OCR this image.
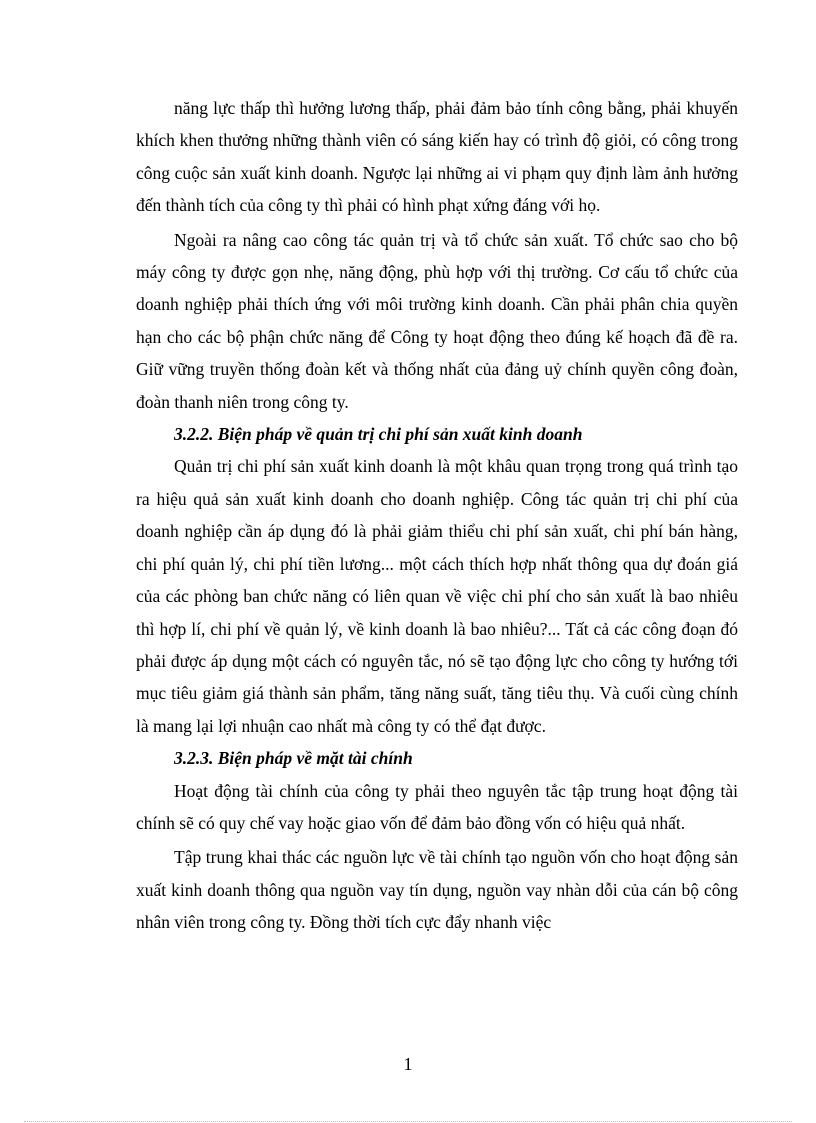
năng lực thấp thì hưởng lương thấp, phải đảm bảo tính công bằng, phải khuyến khích khen thưởng những thành viên có sáng kiến hay có trình độ giỏi, có công trong công cuộc sản xuất kinh doanh. Ngược lại những ai vi phạm quy định làm ảnh hưởng đến thành tích của công ty thì phải có hình phạt xứng đáng với họ.

Ngoài ra nâng cao công tác quản trị và tổ chức sản xuất. Tổ chức sao cho bộ máy công ty được gọn nhẹ, năng động, phù hợp với thị trường. Cơ cấu tổ chức của doanh nghiệp phải thích ứng với môi trường kinh doanh. Cần phải phân chia quyền hạn cho các bộ phận chức năng để Công ty hoạt động theo đúng kế hoạch đã đề ra. Giữ vững truyền thống đoàn kết và thống nhất của đảng uỷ chính quyền công đoàn, đoàn thanh niên trong công ty.

3.2.2. Biện pháp về quản trị chi phí sản xuất kinh doanh

Quản trị chi phí sản xuất kinh doanh là một khâu quan trọng trong quá trình tạo ra hiệu quả sản xuất kinh doanh cho doanh nghiệp. Công tác quản trị chi phí của doanh nghiệp cần áp dụng đó là phải giảm thiểu chi phí sản xuất, chi phí bán hàng, chi phí quản lý, chi phí tiền lương... một cách thích hợp nhất thông qua dự đoán giá của các phòng ban chức năng có liên quan về việc chi phí cho sản xuất là bao nhiêu thì hợp lí, chi phí về quản lý, về kinh doanh là bao nhiêu?... Tất cả các công đoạn đó phải được áp dụng một cách có nguyên tắc, nó sẽ tạo động lực cho công ty hướng tới mục tiêu giảm giá thành sản phẩm, tăng năng suất, tăng tiêu thụ. Và cuối cùng chính là mang lại lợi nhuận cao nhất mà công ty có thể đạt được.

3.2.3. Biện pháp về mặt tài chính

Hoạt động tài chính của công ty phải theo nguyên tắc tập trung hoạt động tài chính sẽ có quy chế vay hoặc giao vốn để đảm bảo đồng vốn có hiệu quả nhất.

Tập trung khai thác các nguồn lực về tài chính tạo nguồn vốn cho hoạt động sản xuất kinh doanh thông qua nguồn vay tín dụng, nguồn vay nhàn dỗi của cán bộ công nhân viên trong công ty. Đồng thời tích cực đẩy nhanh việc

1
